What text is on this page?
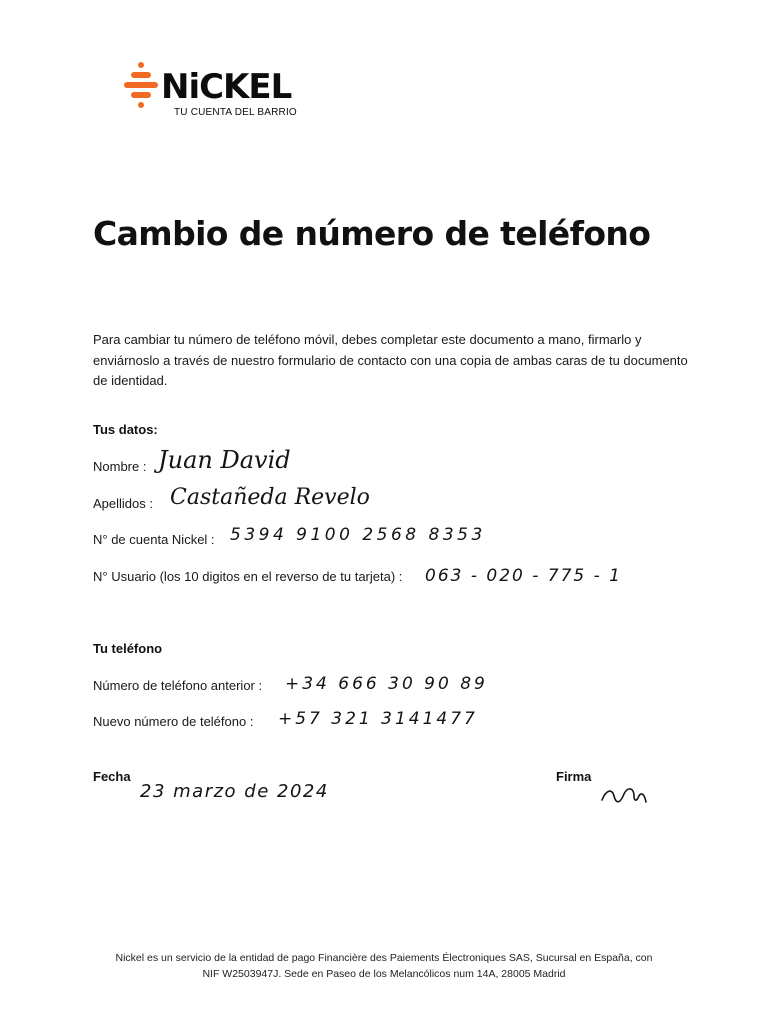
NiCKEL
TU CUENTA DEL BARRIO
Cambio de número de teléfono

Para cambiar tu número de teléfono móvil, debes completar este documento a mano, firmarlo y enviárnoslo a través de nuestro formulario de contacto con una copia de ambas caras de tu documento de identidad.

Tus datos:
Nombre : Juan David
Apellidos : Castañeda Revelo
N° de cuenta Nickel : 5394 9100 2568 8353
N° Usuario (los 10 digitos en el reverso de tu tarjeta) : 063 - 020 - 775 - 1
Tu teléfono
Número de teléfono anterior : +34 666 30 90 89
Nuevo número de teléfono : +57 321 3141477
Fecha
23 marzo de 2024
Firma

Nickel es un servicio de la entidad de pago Financière des Paiements Électroniques SAS, Sucursal en España, con
NIF W2503947J. Sede en Paseo de los Melancólicos num 14A, 28005 Madrid
